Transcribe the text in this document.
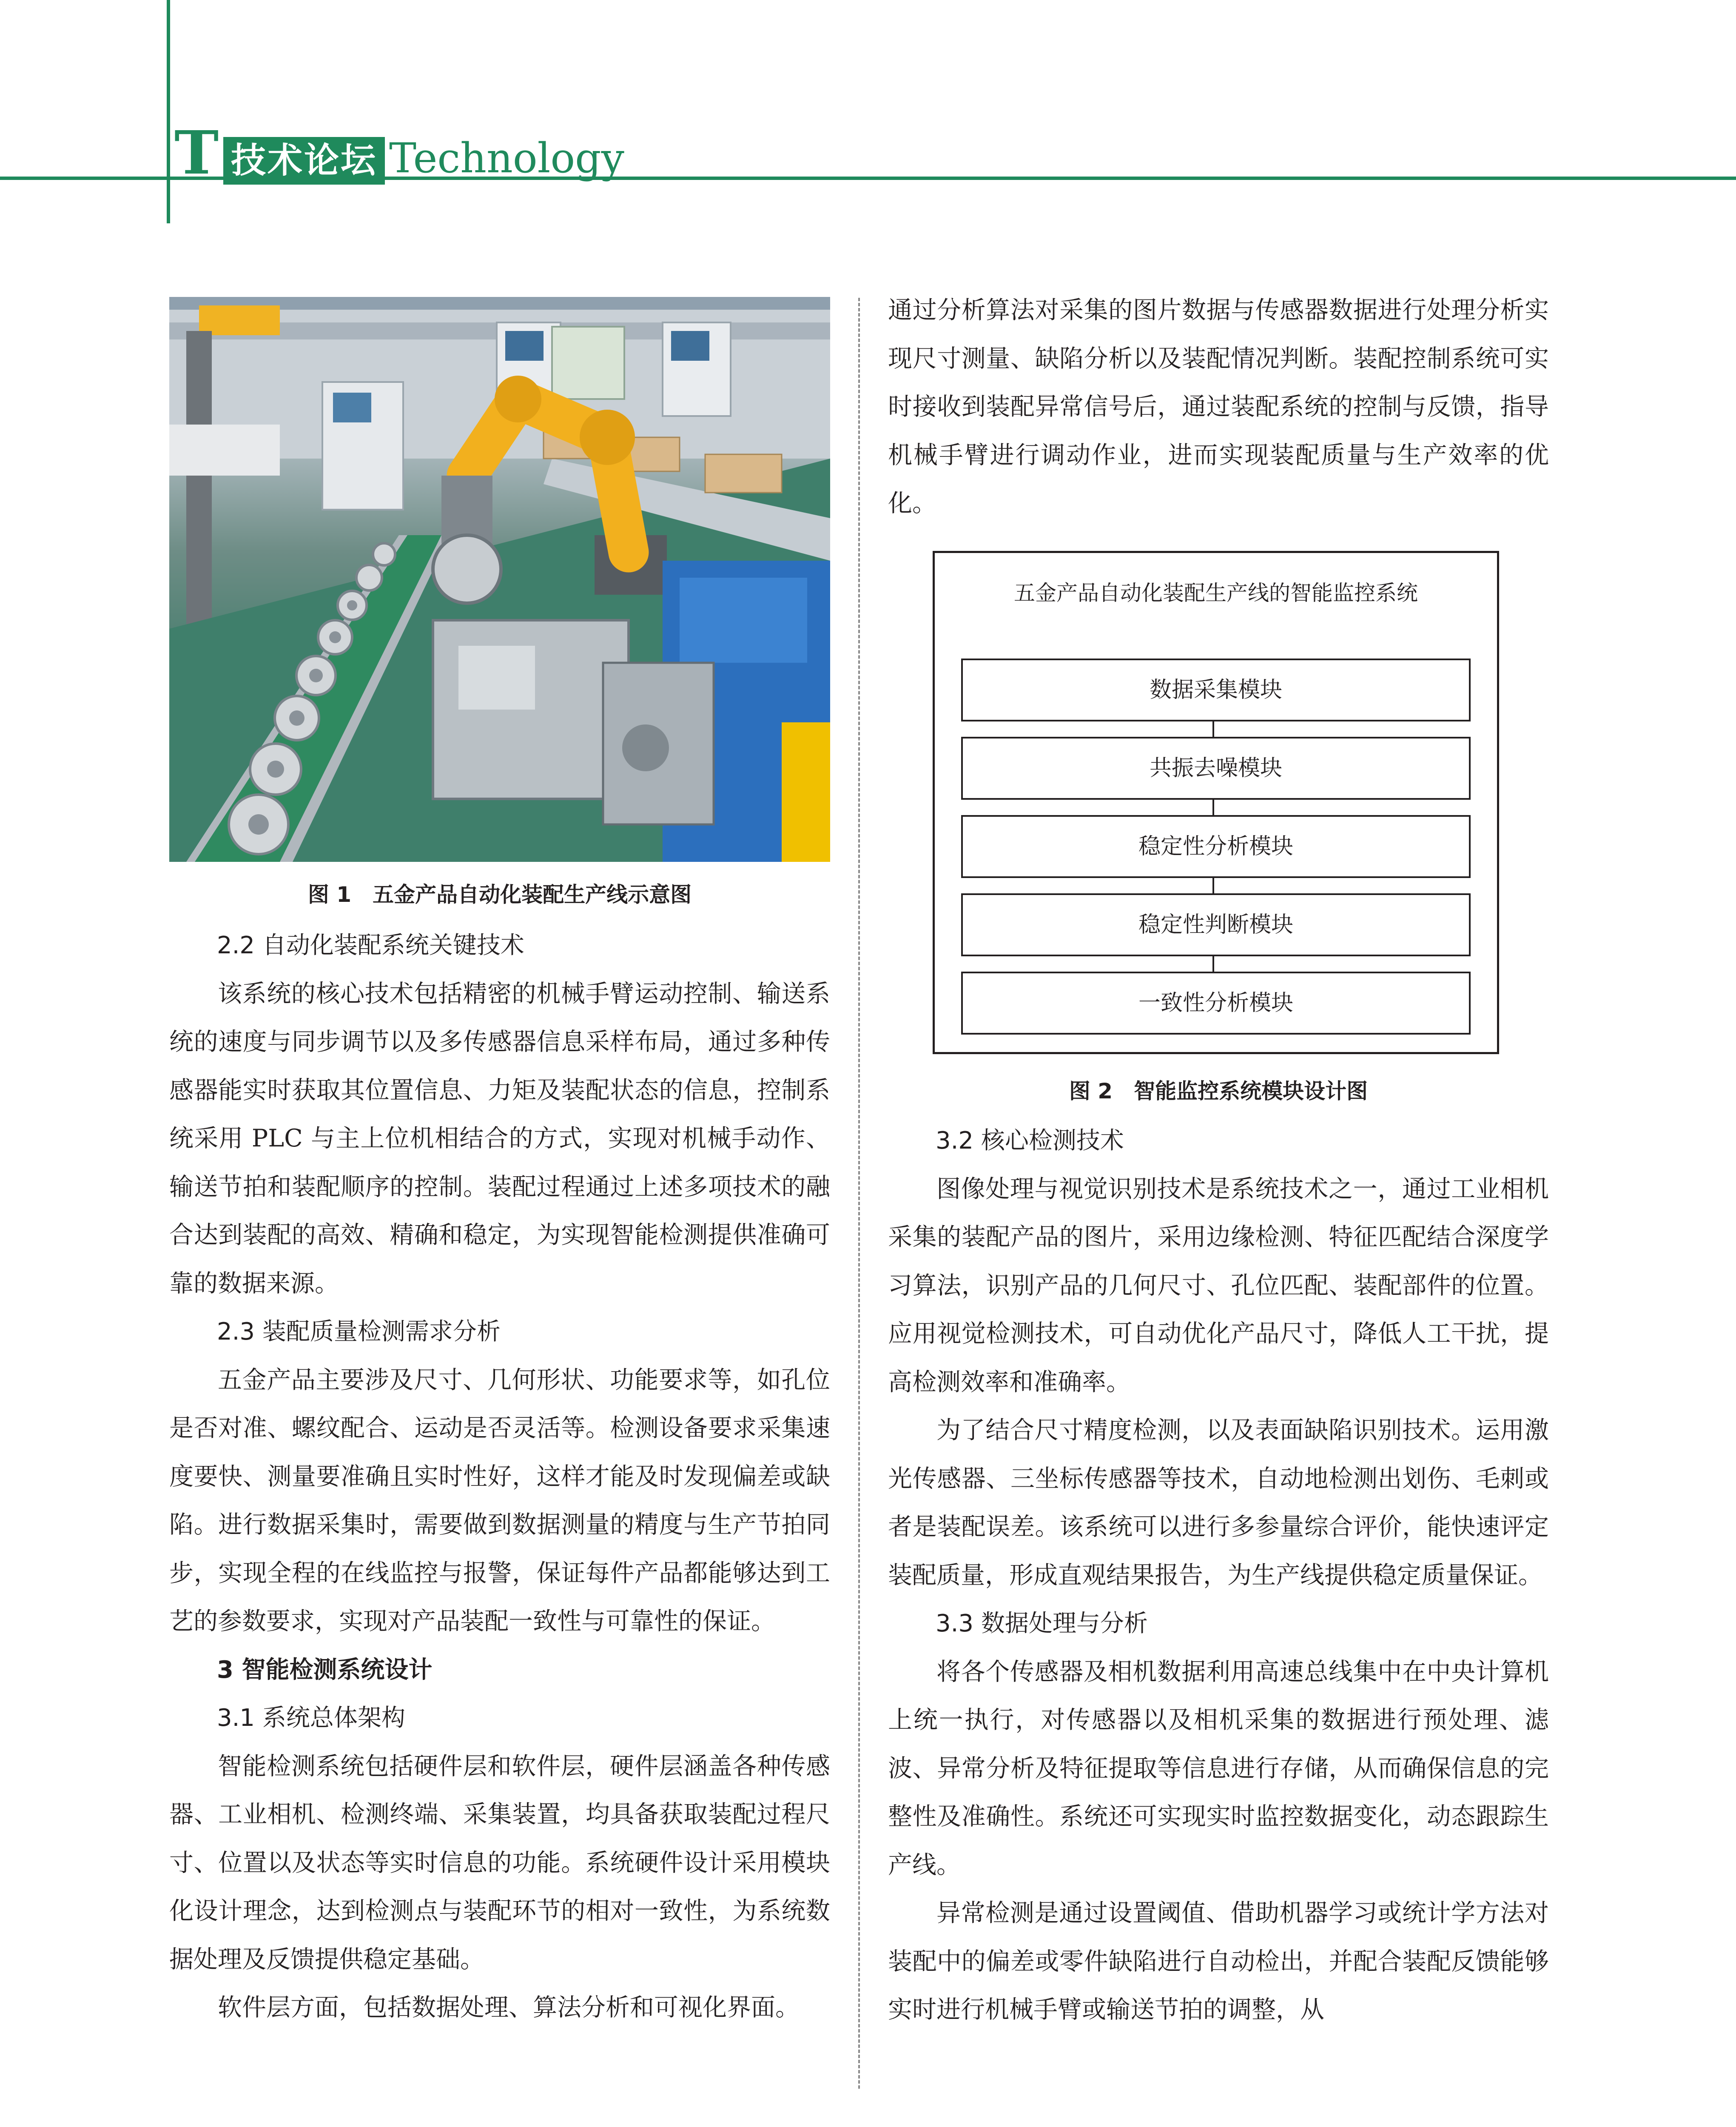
T 技术论坛 Technology
图 1　五金产品自动化装配生产线示意图

2.2 自动化装配系统关键技术

该系统的核心技术包括精密的机械手臂运动控制、输送系统的速度与同步调节以及多传感器信息采样布局，通过多种传感器能实时获取其位置信息、力矩及装配状态的信息，控制系统采用 PLC 与主上位机相结合的方式，实现对机械手动作、输送节拍和装配顺序的控制。装配过程通过上述多项技术的融合达到装配的高效、精确和稳定，为实现智能检测提供准确可靠的数据来源。

2.3 装配质量检测需求分析

五金产品主要涉及尺寸、几何形状、功能要求等，如孔位是否对准、螺纹配合、运动是否灵活等。检测设备要求采集速度要快、测量要准确且实时性好，这样才能及时发现偏差或缺陷。进行数据采集时，需要做到数据测量的精度与生产节拍同步，实现全程的在线监控与报警，保证每件产品都能够达到工艺的参数要求，实现对产品装配一致性与可靠性的保证。

3 智能检测系统设计

3.1 系统总体架构

智能检测系统包括硬件层和软件层，硬件层涵盖各种传感器、工业相机、检测终端、采集装置，均具备获取装配过程尺寸、位置以及状态等实时信息的功能。系统硬件设计采用模块化设计理念，达到检测点与装配环节的相对一致性，为系统数据处理及反馈提供稳定基础。

软件层方面，包括数据处理、算法分析和可视化界面。

通过分析算法对采集的图片数据与传感器数据进行处理分析实现尺寸测量、缺陷分析以及装配情况判断。装配控制系统可实时接收到装配异常信号后，通过装配系统的控制与反馈，指导机械手臂进行调动作业，进而实现装配质量与生产效率的优化。

五金产品自动化装配生产线的智能监控系统
数据采集模块
共振去噪模块
稳定性分析模块
稳定性判断模块
一致性分析模块
图 2　智能监控系统模块设计图

3.2 核心检测技术

图像处理与视觉识别技术是系统技术之一，通过工业相机采集的装配产品的图片，采用边缘检测、特征匹配结合深度学习算法，识别产品的几何尺寸、孔位匹配、装配部件的位置。应用视觉检测技术，可自动优化产品尺寸，降低人工干扰，提高检测效率和准确率。

为了结合尺寸精度检测，以及表面缺陷识别技术。运用激光传感器、三坐标传感器等技术，自动地检测出划伤、毛刺或者是装配误差。该系统可以进行多参量综合评价，能快速评定装配质量，形成直观结果报告，为生产线提供稳定质量保证。

3.3 数据处理与分析

将各个传感器及相机数据利用高速总线集中在中央计算机上统一执行，对传感器以及相机采集的数据进行预处理、滤波、异常分析及特征提取等信息进行存储，从而确保信息的完整性及准确性。系统还可实现实时监控数据变化，动态跟踪生产线。

异常检测是通过设置阈值、借助机器学习或统计学方法对装配中的偏差或零件缺陷进行自动检出，并配合装配反馈能够实时进行机械手臂或输送节拍的调整，从
